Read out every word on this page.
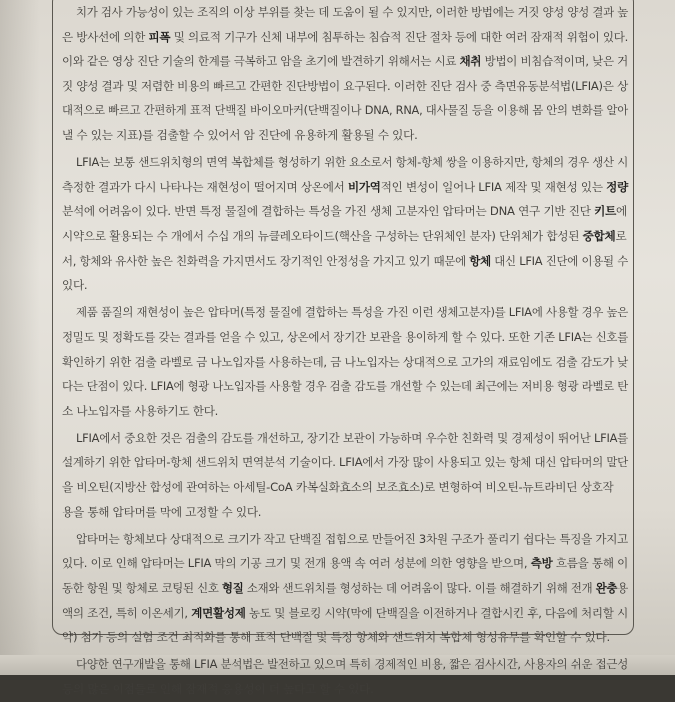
치가 검사 가능성이 있는 조직의 이상 부위를 찾는 데 도움이 될 수 있지만, 이러한 방법에는 거짓 양성 양성 결과 높
은 방사선에 의한 피폭 및 의료적 기구가 신체 내부에 침투하는 침습적 진단 절차 등에 대한 여러 잠재적 위험이 있다.
이와 같은 영상 진단 기술의 한계를 극복하고 암을 초기에 발견하기 위해서는 시료 채취 방법이 비침습적이며, 낮은 거
짓 양성 결과 및 저렴한 비용의 빠르고 간편한 진단방법이 요구된다. 이러한 진단 검사 중 측면유동분석법(LFIA)은 상
대적으로 빠르고 간편하게 표적 단백질 바이오마커(단백질이나 DNA, RNA, 대사물질 등을 이용해 몸 안의 변화를 알아
낼 수 있는 지표)를 검출할 수 있어서 암 진단에 유용하게 활용될 수 있다.
LFIA는 보통 샌드위치형의 면역 복합체를 형성하기 위한 요소로서 항체-항체 쌍을 이용하지만, 항체의 경우 생산 시
측정한 결과가 다시 나타나는 재현성이 떨어지며 상온에서 비가역적인 변성이 일어나 LFIA 제작 및 재현성 있는 정량
분석에 어려움이 있다. 반면 특정 물질에 결합하는 특성을 가진 생체 고분자인 압타머는 DNA 연구 기반 진단 키트에
시약으로 활용되는 수 개에서 수십 개의 뉴클레오타이드(핵산을 구성하는 단위체인 분자) 단위체가 합성된 중합체로
서, 항체와 유사한 높은 친화력을 가지면서도 장기적인 안정성을 가지고 있기 때문에 항체 대신 LFIA 진단에 이용될 수
있다.
제품 품질의 재현성이 높은 압타머(특정 물질에 결합하는 특성을 가진 이런 생체고분자)를 LFIA에 사용할 경우 높은
정밀도 및 정확도를 갖는 결과를 얻을 수 있고, 상온에서 장기간 보관을 용이하게 할 수 있다. 또한 기존 LFIA는 신호를
확인하기 위한 검출 라벨로 금 나노입자를 사용하는데, 금 나노입자는 상대적으로 고가의 재료임에도 검출 감도가 낮
다는 단점이 있다. LFIA에 형광 나노입자를 사용할 경우 검출 감도를 개선할 수 있는데 최근에는 저비용 형광 라벨로 탄
소 나노입자를 사용하기도 한다.
LFIA에서 중요한 것은 검출의 감도를 개선하고, 장기간 보관이 가능하며 우수한 친화력 및 경제성이 뛰어난 LFIA를
설계하기 위한 압타머-항체 샌드위치 면역분석 기술이다. LFIA에서 가장 많이 사용되고 있는 항체 대신 압타머의 말단
을 비오틴(지방산 합성에 관여하는 아세틸-CoA 카복실화효소의 보조효소)로 변형하여 비오틴-뉴트라비딘 상호작
용을 통해 압타머를 막에 고정할 수 있다.
압타머는 항체보다 상대적으로 크기가 작고 단백질 접힘으로 만들어진 3차원 구조가 풀리기 쉽다는 특징을 가지고
있다. 이로 인해 압타머는 LFIA 막의 기공 크기 및 전개 용액 속 여러 성분에 의한 영향을 받으며, 측방 흐름을 통해 이
동한 항원 및 항체로 코팅된 신호 형질 소재와 샌드위치를 형성하는 데 어려움이 많다. 이를 해결하기 위해 전개 완충용
액의 조건, 특히 이온세기, 계면활성제 농도 및 블로킹 시약(막에 단백질을 이전하거나 결합시킨 후, 다음에 처리할 시
약) 첨가 등의 실험 조건 최적화를 통해 표적 단백질 및 특정 항체와 샌드위치 복합체 형성유무를 확인할 수 있다.
다양한 연구개발을 통해 LFIA 분석법은 발전하고 있으며 특히 경제적인 비용, 짧은 검사시간, 사용자의 쉬운 접근성
등의 많은 이점들로 인해 잠재적 응용성이 더 높다고 할 수 있다.
